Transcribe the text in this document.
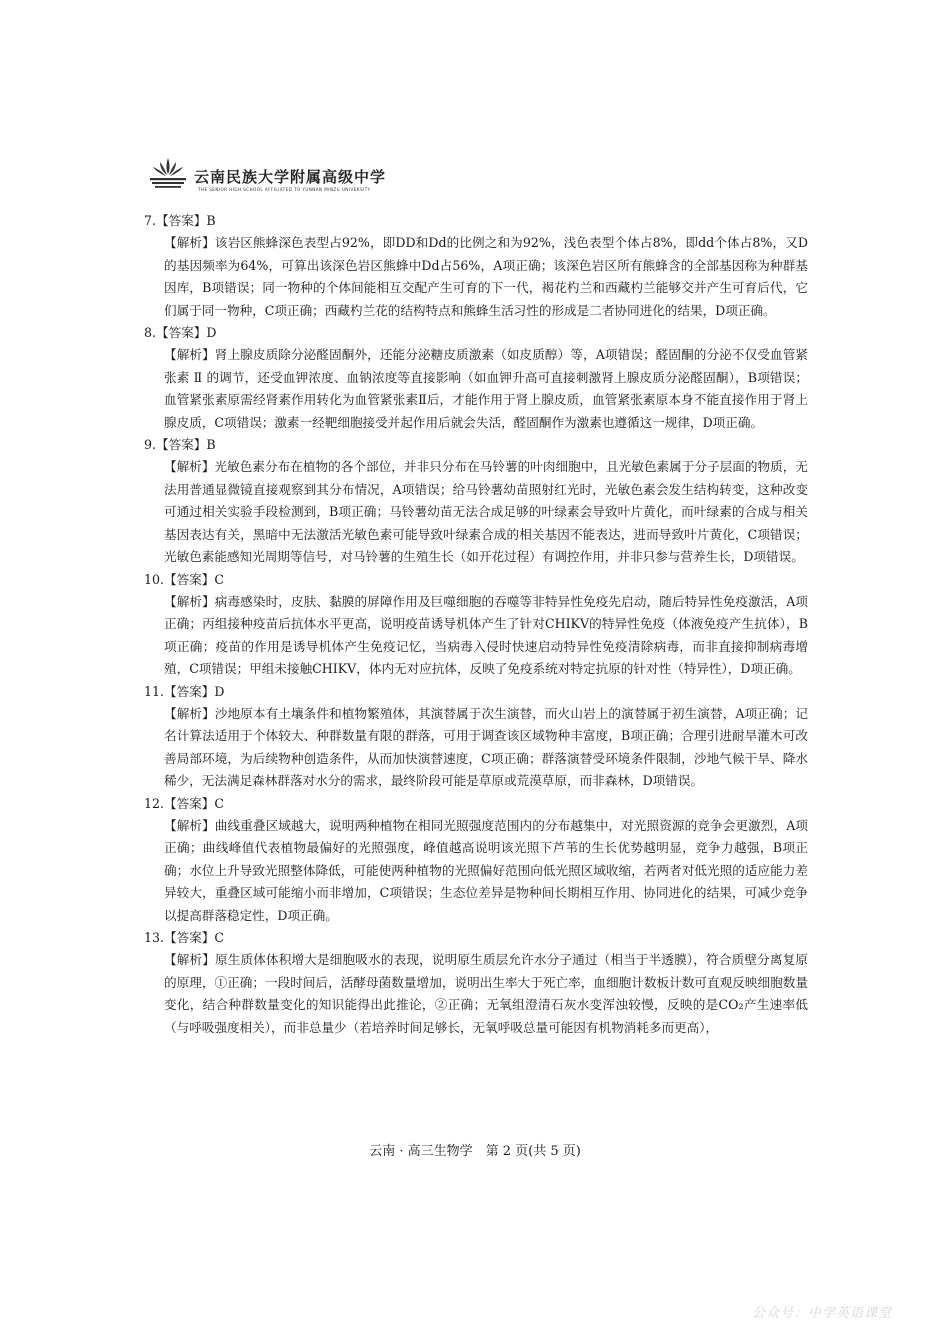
云南民族大学附属高级中学
THE SENIOR HIGH SCHOOL AFFILIATED TO YUNNAN MINZU UNIVERSITY

7.【答案】B

【解析】该岩区熊蜂深色表型占92%，即DD和Dd的比例之和为92%，浅色表型个体占8%，即dd个体占8%，又D的基因频率为64%，可算出该深色岩区熊蜂中Dd占56%，A项正确；该深色岩区所有熊蜂含的全部基因称为种群基因库，B项错误；同一物种的个体间能相互交配产生可育的下一代，褐花杓兰和西藏杓兰能够交并产生可育后代，它们属于同一物种，C项正确；西藏杓兰花的结构特点和熊蜂生活习性的形成是二者协同进化的结果，D项正确。

8.【答案】D

【解析】肾上腺皮质除分泌醛固酮外，还能分泌糖皮质激素（如皮质醇）等，A项错误；醛固酮的分泌不仅受血管紧张素 Ⅱ 的调节，还受血钾浓度、血钠浓度等直接影响（如血钾升高可直接刺激肾上腺皮质分泌醛固酮），B项错误；血管紧张素原需经肾素作用转化为血管紧张素Ⅱ后，才能作用于肾上腺皮质，血管紧张素原本身不能直接作用于肾上腺皮质，C项错误；激素一经靶细胞接受并起作用后就会失活，醛固酮作为激素也遵循这一规律，D项正确。

9.【答案】B

【解析】光敏色素分布在植物的各个部位，并非只分布在马铃薯的叶肉细胞中，且光敏色素属于分子层面的物质，无法用普通显微镜直接观察到其分布情况，A项错误；给马铃薯幼苗照射红光时，光敏色素会发生结构转变，这种改变可通过相关实验手段检测到，B项正确；马铃薯幼苗无法合成足够的叶绿素会导致叶片黄化，而叶绿素的合成与相关基因表达有关，黑暗中无法激活光敏色素可能导致叶绿素合成的相关基因不能表达，进而导致叶片黄化，C项错误；光敏色素能感知光周期等信号，对马铃薯的生殖生长（如开花过程）有调控作用，并非只参与营养生长，D项错误。

10.【答案】C

【解析】病毒感染时，皮肤、黏膜的屏障作用及巨噬细胞的吞噬等非特异性免疫先启动，随后特异性免疫激活，A项正确；丙组接种疫苗后抗体水平更高，说明疫苗诱导机体产生了针对CHIKV的特异性免疫（体液免疫产生抗体），B项正确；疫苗的作用是诱导机体产生免疫记忆，当病毒入侵时快速启动特异性免疫清除病毒，而非直接抑制病毒增殖，C项错误；甲组未接触CHIKV，体内无对应抗体，反映了免疫系统对特定抗原的针对性（特异性），D项正确。

11.【答案】D

【解析】沙地原本有土壤条件和植物繁殖体，其演替属于次生演替，而火山岩上的演替属于初生演替，A项正确；记名计算法适用于个体较大、种群数量有限的群落，可用于调查该区域物种丰富度，B项正确；合理引进耐旱灌木可改善局部环境，为后续物种创造条件，从而加快演替速度，C项正确；群落演替受环境条件限制，沙地气候干旱、降水稀少，无法满足森林群落对水分的需求，最终阶段可能是草原或荒漠草原，而非森林，D项错误。

12.【答案】C

【解析】曲线重叠区域越大，说明两种植物在相同光照强度范围内的分布越集中，对光照资源的竞争会更激烈，A项正确；曲线峰值代表植物最偏好的光照强度，峰值越高说明该光照下芦苇的生长优势越明显，竞争力越强，B项正确；水位上升导致光照整体降低，可能使两种植物的光照偏好范围向低光照区域收缩，若两者对低光照的适应能力差异较大，重叠区域可能缩小而非增加，C项错误；生态位差异是物种间长期相互作用、协同进化的结果，可减少竞争以提高群落稳定性，D项正确。

13.【答案】C

【解析】原生质体体积增大是细胞吸水的表现，说明原生质层允许水分子通过（相当于半透膜），符合质壁分离复原的原理，①正确；一段时间后，活酵母菌数量增加，说明出生率大于死亡率，血细胞计数板计数可直观反映细胞数量变化，结合种群数量变化的知识能得出此推论，②正确；无氧组澄清石灰水变浑浊较慢，反映的是CO₂产生速率低（与呼吸强度相关），而非总量少（若培养时间足够长，无氧呼吸总量可能因有机物消耗多而更高），

云南 · 高三生物学　第 2 页(共 5 页)
公众号：中学英语课堂
